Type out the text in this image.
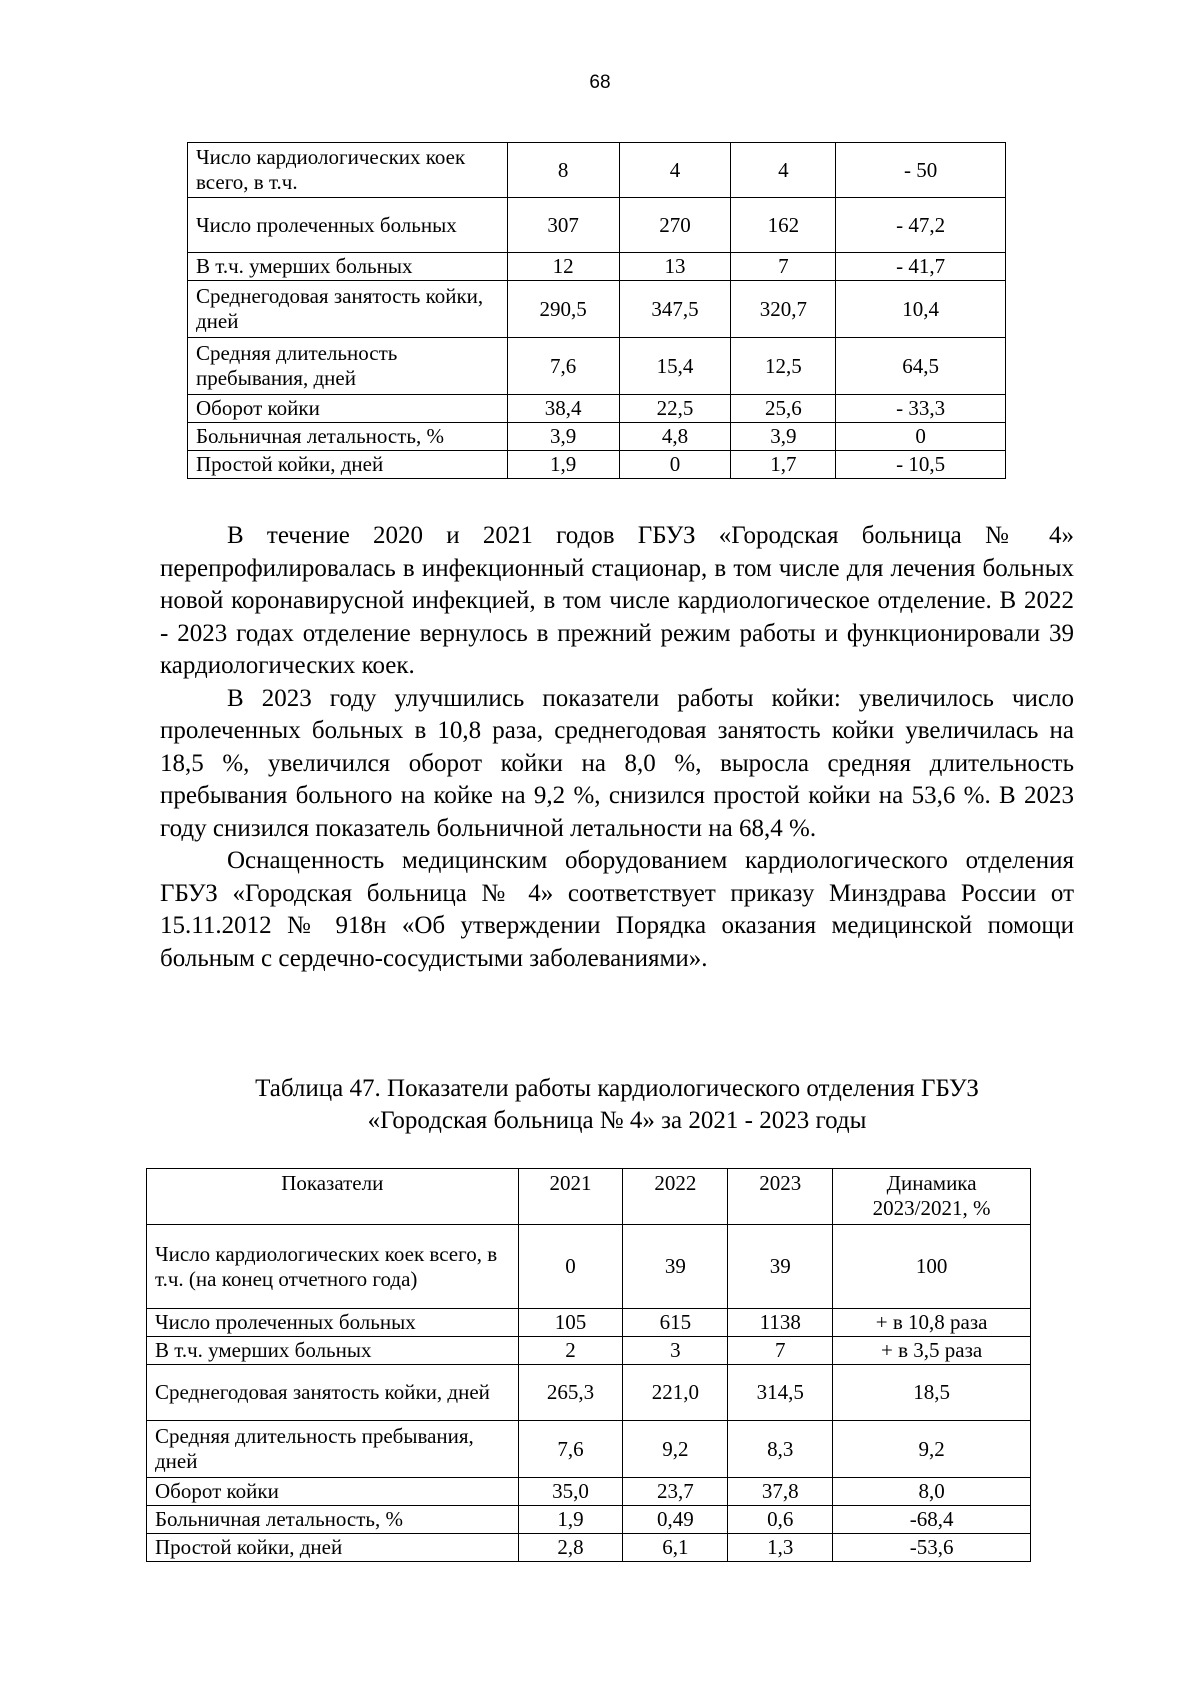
68
Число кардиологических коек всего, в т.ч.	8	4	4	- 50
Число пролеченных больных	307	270	162	- 47,2
В т.ч. умерших больных	12	13	7	- 41,7
Среднегодовая занятость койки, дней	290,5	347,5	320,7	10,4
Средняя длительность пребывания, дней	7,6	15,4	12,5	64,5
Оборот койки	38,4	22,5	25,6	- 33,3
Больничная летальность, %	3,9	4,8	3,9	0
Простой койки, дней	1,9	0	1,7	- 10,5

В течение 2020 и 2021 годов ГБУЗ «Городская больница № 4» перепрофилировалась в инфекционный стационар, в том числе для лечения больных новой коронавирусной инфекцией, в том числе кардиологическое отделение. В 2022 - 2023 годах отделение вернулось в прежний режим работы и функционировали 39 кардиологических коек.

В 2023 году улучшились показатели работы койки: увеличилось число пролеченных больных в 10,8 раза, среднегодовая занятость койки увеличилась на 18,5 %, увеличился оборот койки на 8,0 %, выросла средняя длительность пребывания больного на койке на 9,2 %, снизился простой койки на 53,6 %. В 2023 году снизился показатель больничной летальности на 68,4 %.

Оснащенность медицинским оборудованием кардиологического отделения ГБУЗ «Городская больница № 4» соответствует приказу Минздрава России от 15.11.2012 № 918н «Об утверждении Порядка оказания медицинской помощи больным с сердечно-сосудистыми заболеваниями».

Таблица 47. Показатели работы кардиологического отделения ГБУЗ
«Городская больница № 4» за 2021 - 2023 годы
Показатели	2021	2022	2023	Динамика
2023/2021, %

Число кардиологических коек всего, в т.ч. (на конец отчетного года)	0	39	39	100
Число пролеченных больных	105	615	1138	+ в 10,8 раза
В т.ч. умерших больных	2	3	7	+ в 3,5 раза
Среднегодовая занятость койки, дней	265,3	221,0	314,5	18,5
Средняя длительность пребывания, дней	7,6	9,2	8,3	9,2
Оборот койки	35,0	23,7	37,8	8,0
Больничная летальность, %	1,9	0,49	0,6	-68,4
Простой койки, дней	2,8	6,1	1,3	-53,6
